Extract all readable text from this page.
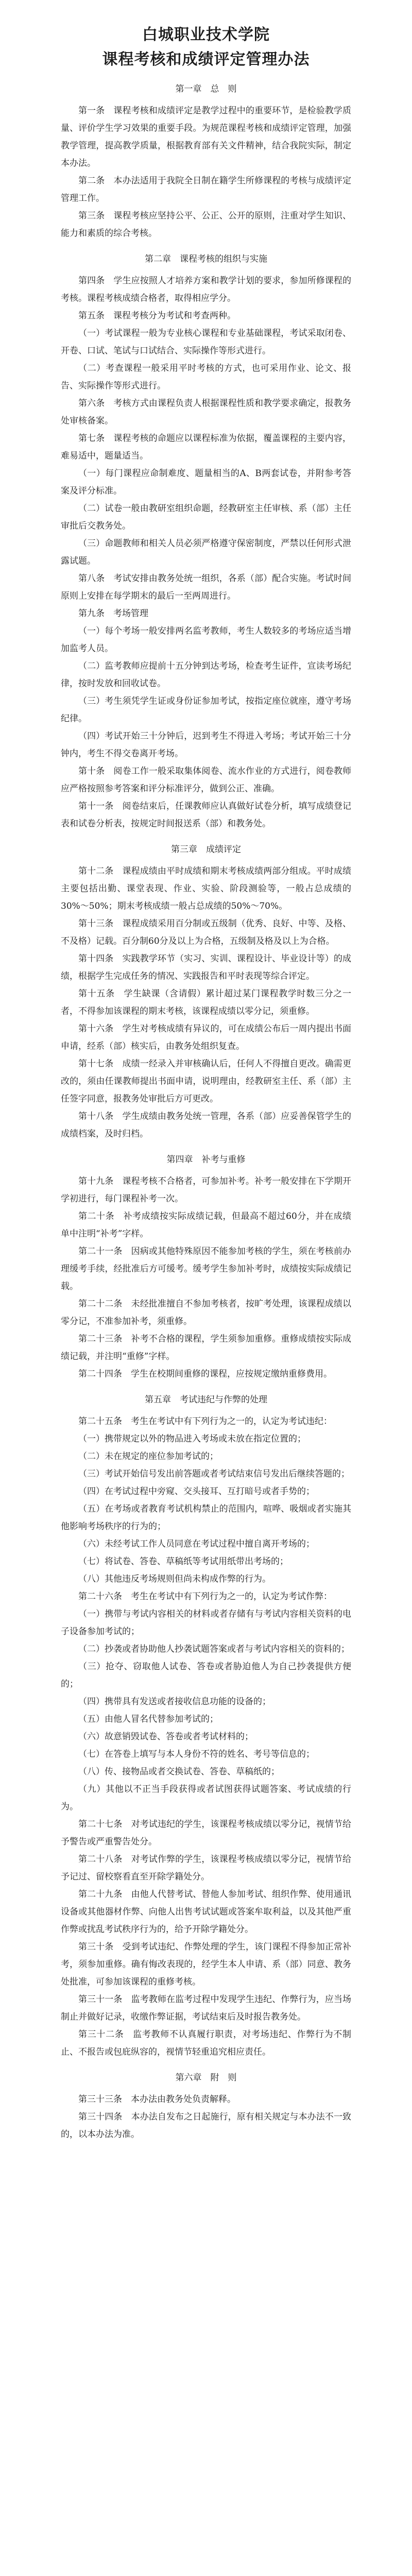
白城职业技术学院
课程考核和成绩评定管理办法
第一章　总　则

第一条　课程考核和成绩评定是教学过程中的重要环节，是检验教学质量、评价学生学习效果的重要手段。为规范课程考核和成绩评定管理，加强教学管理，提高教学质量，根据教育部有关文件精神，结合我院实际，制定本办法。

第二条　本办法适用于我院全日制在籍学生所修课程的考核与成绩评定管理工作。

第三条　课程考核应坚持公平、公正、公开的原则，注重对学生知识、能力和素质的综合考核。

第二章　课程考核的组织与实施

第四条　学生应按照人才培养方案和教学计划的要求，参加所修课程的考核。课程考核成绩合格者，取得相应学分。

第五条　课程考核分为考试和考查两种。

（一）考试课程一般为专业核心课程和专业基础课程，考试采取闭卷、开卷、口试、笔试与口试结合、实际操作等形式进行。

（二）考查课程一般采用平时考核的方式，也可采用作业、论文、报告、实际操作等形式进行。

第六条　考核方式由课程负责人根据课程性质和教学要求确定，报教务处审核备案。

第七条　课程考核的命题应以课程标准为依据，覆盖课程的主要内容，难易适中，题量适当。

（一）每门课程应命制难度、题量相当的A、B两套试卷，并附参考答案及评分标准。

（二）试卷一般由教研室组织命题，经教研室主任审核、系（部）主任审批后交教务处。

（三）命题教师和相关人员必须严格遵守保密制度，严禁以任何形式泄露试题。

第八条　考试安排由教务处统一组织，各系（部）配合实施。考试时间原则上安排在每学期末的最后一至两周进行。

第九条　考场管理

（一）每个考场一般安排两名监考教师，考生人数较多的考场应适当增加监考人员。

（二）监考教师应提前十五分钟到达考场，检查考生证件，宣读考场纪律，按时发放和回收试卷。

（三）考生须凭学生证或身份证参加考试，按指定座位就座，遵守考场纪律。

（四）考试开始三十分钟后，迟到考生不得进入考场；考试开始三十分钟内，考生不得交卷离开考场。

第十条　阅卷工作一般采取集体阅卷、流水作业的方式进行，阅卷教师应严格按照参考答案和评分标准评分，做到公正、准确。

第十一条　阅卷结束后，任课教师应认真做好试卷分析，填写成绩登记表和试卷分析表，按规定时间报送系（部）和教务处。

第三章　成绩评定

第十二条　课程成绩由平时成绩和期末考核成绩两部分组成。平时成绩主要包括出勤、课堂表现、作业、实验、阶段测验等，一般占总成绩的30%～50%；期末考核成绩一般占总成绩的50%～70%。

第十三条　课程成绩采用百分制或五级制（优秀、良好、中等、及格、不及格）记载。百分制60分及以上为合格，五级制及格及以上为合格。

第十四条　实践教学环节（实习、实训、课程设计、毕业设计等）的成绩，根据学生完成任务的情况、实践报告和平时表现等综合评定。

第十五条　学生缺课（含请假）累计超过某门课程教学时数三分之一者，不得参加该课程的期末考核，该课程成绩以零分记，须重修。

第十六条　学生对考核成绩有异议的，可在成绩公布后一周内提出书面申请，经系（部）核实后，由教务处组织复查。

第十七条　成绩一经录入并审核确认后，任何人不得擅自更改。确需更改的，须由任课教师提出书面申请，说明理由，经教研室主任、系（部）主任签字同意，报教务处审批后方可更改。

第十八条　学生成绩由教务处统一管理，各系（部）应妥善保管学生的成绩档案，及时归档。

第四章　补考与重修

第十九条　课程考核不合格者，可参加补考。补考一般安排在下学期开学初进行，每门课程补考一次。

第二十条　补考成绩按实际成绩记载，但最高不超过60分，并在成绩单中注明“补考”字样。

第二十一条　因病或其他特殊原因不能参加考核的学生，须在考核前办理缓考手续，经批准后方可缓考。缓考学生参加补考时，成绩按实际成绩记载。

第二十二条　未经批准擅自不参加考核者，按旷考处理，该课程成绩以零分记，不准参加补考，须重修。

第二十三条　补考不合格的课程，学生须参加重修。重修成绩按实际成绩记载，并注明“重修”字样。

第二十四条　学生在校期间重修的课程，应按规定缴纳重修费用。

第五章　考试违纪与作弊的处理

第二十五条　考生在考试中有下列行为之一的，认定为考试违纪：

（一）携带规定以外的物品进入考场或未放在指定位置的；

（二）未在规定的座位参加考试的；

（三）考试开始信号发出前答题或者考试结束信号发出后继续答题的；

（四）在考试过程中旁窥、交头接耳、互打暗号或者手势的；

（五）在考场或者教育考试机构禁止的范围内，喧哗、吸烟或者实施其他影响考场秩序的行为的；

（六）未经考试工作人员同意在考试过程中擅自离开考场的；

（七）将试卷、答卷、草稿纸等考试用纸带出考场的；

（八）其他违反考场规则但尚未构成作弊的行为。

第二十六条　考生在考试中有下列行为之一的，认定为考试作弊：

（一）携带与考试内容相关的材料或者存储有与考试内容相关资料的电子设备参加考试的；

（二）抄袭或者协助他人抄袭试题答案或者与考试内容相关的资料的；

（三）抢夺、窃取他人试卷、答卷或者胁迫他人为自己抄袭提供方便的；

（四）携带具有发送或者接收信息功能的设备的；

（五）由他人冒名代替参加考试的；

（六）故意销毁试卷、答卷或者考试材料的；

（七）在答卷上填写与本人身份不符的姓名、考号等信息的；

（八）传、接物品或者交换试卷、答卷、草稿纸的；

（九）其他以不正当手段获得或者试图获得试题答案、考试成绩的行为。

第二十七条　对考试违纪的学生，该课程考核成绩以零分记，视情节给予警告或严重警告处分。

第二十八条　对考试作弊的学生，该课程考核成绩以零分记，视情节给予记过、留校察看直至开除学籍处分。

第二十九条　由他人代替考试、替他人参加考试、组织作弊、使用通讯设备或其他器材作弊、向他人出售考试试题或答案牟取利益，以及其他严重作弊或扰乱考试秩序行为的，给予开除学籍处分。

第三十条　受到考试违纪、作弊处理的学生，该门课程不得参加正常补考，须参加重修。确有悔改表现的，经学生本人申请、系（部）同意、教务处批准，可参加该课程的重修考核。

第三十一条　监考教师在监考过程中发现学生违纪、作弊行为，应当场制止并做好记录，收缴作弊证据，考试结束后及时报告教务处。

第三十二条　监考教师不认真履行职责，对考场违纪、作弊行为不制止、不报告或包庇纵容的，视情节轻重追究相应责任。

第六章　附　则

第三十三条　本办法由教务处负责解释。

第三十四条　本办法自发布之日起施行，原有相关规定与本办法不一致的，以本办法为准。
